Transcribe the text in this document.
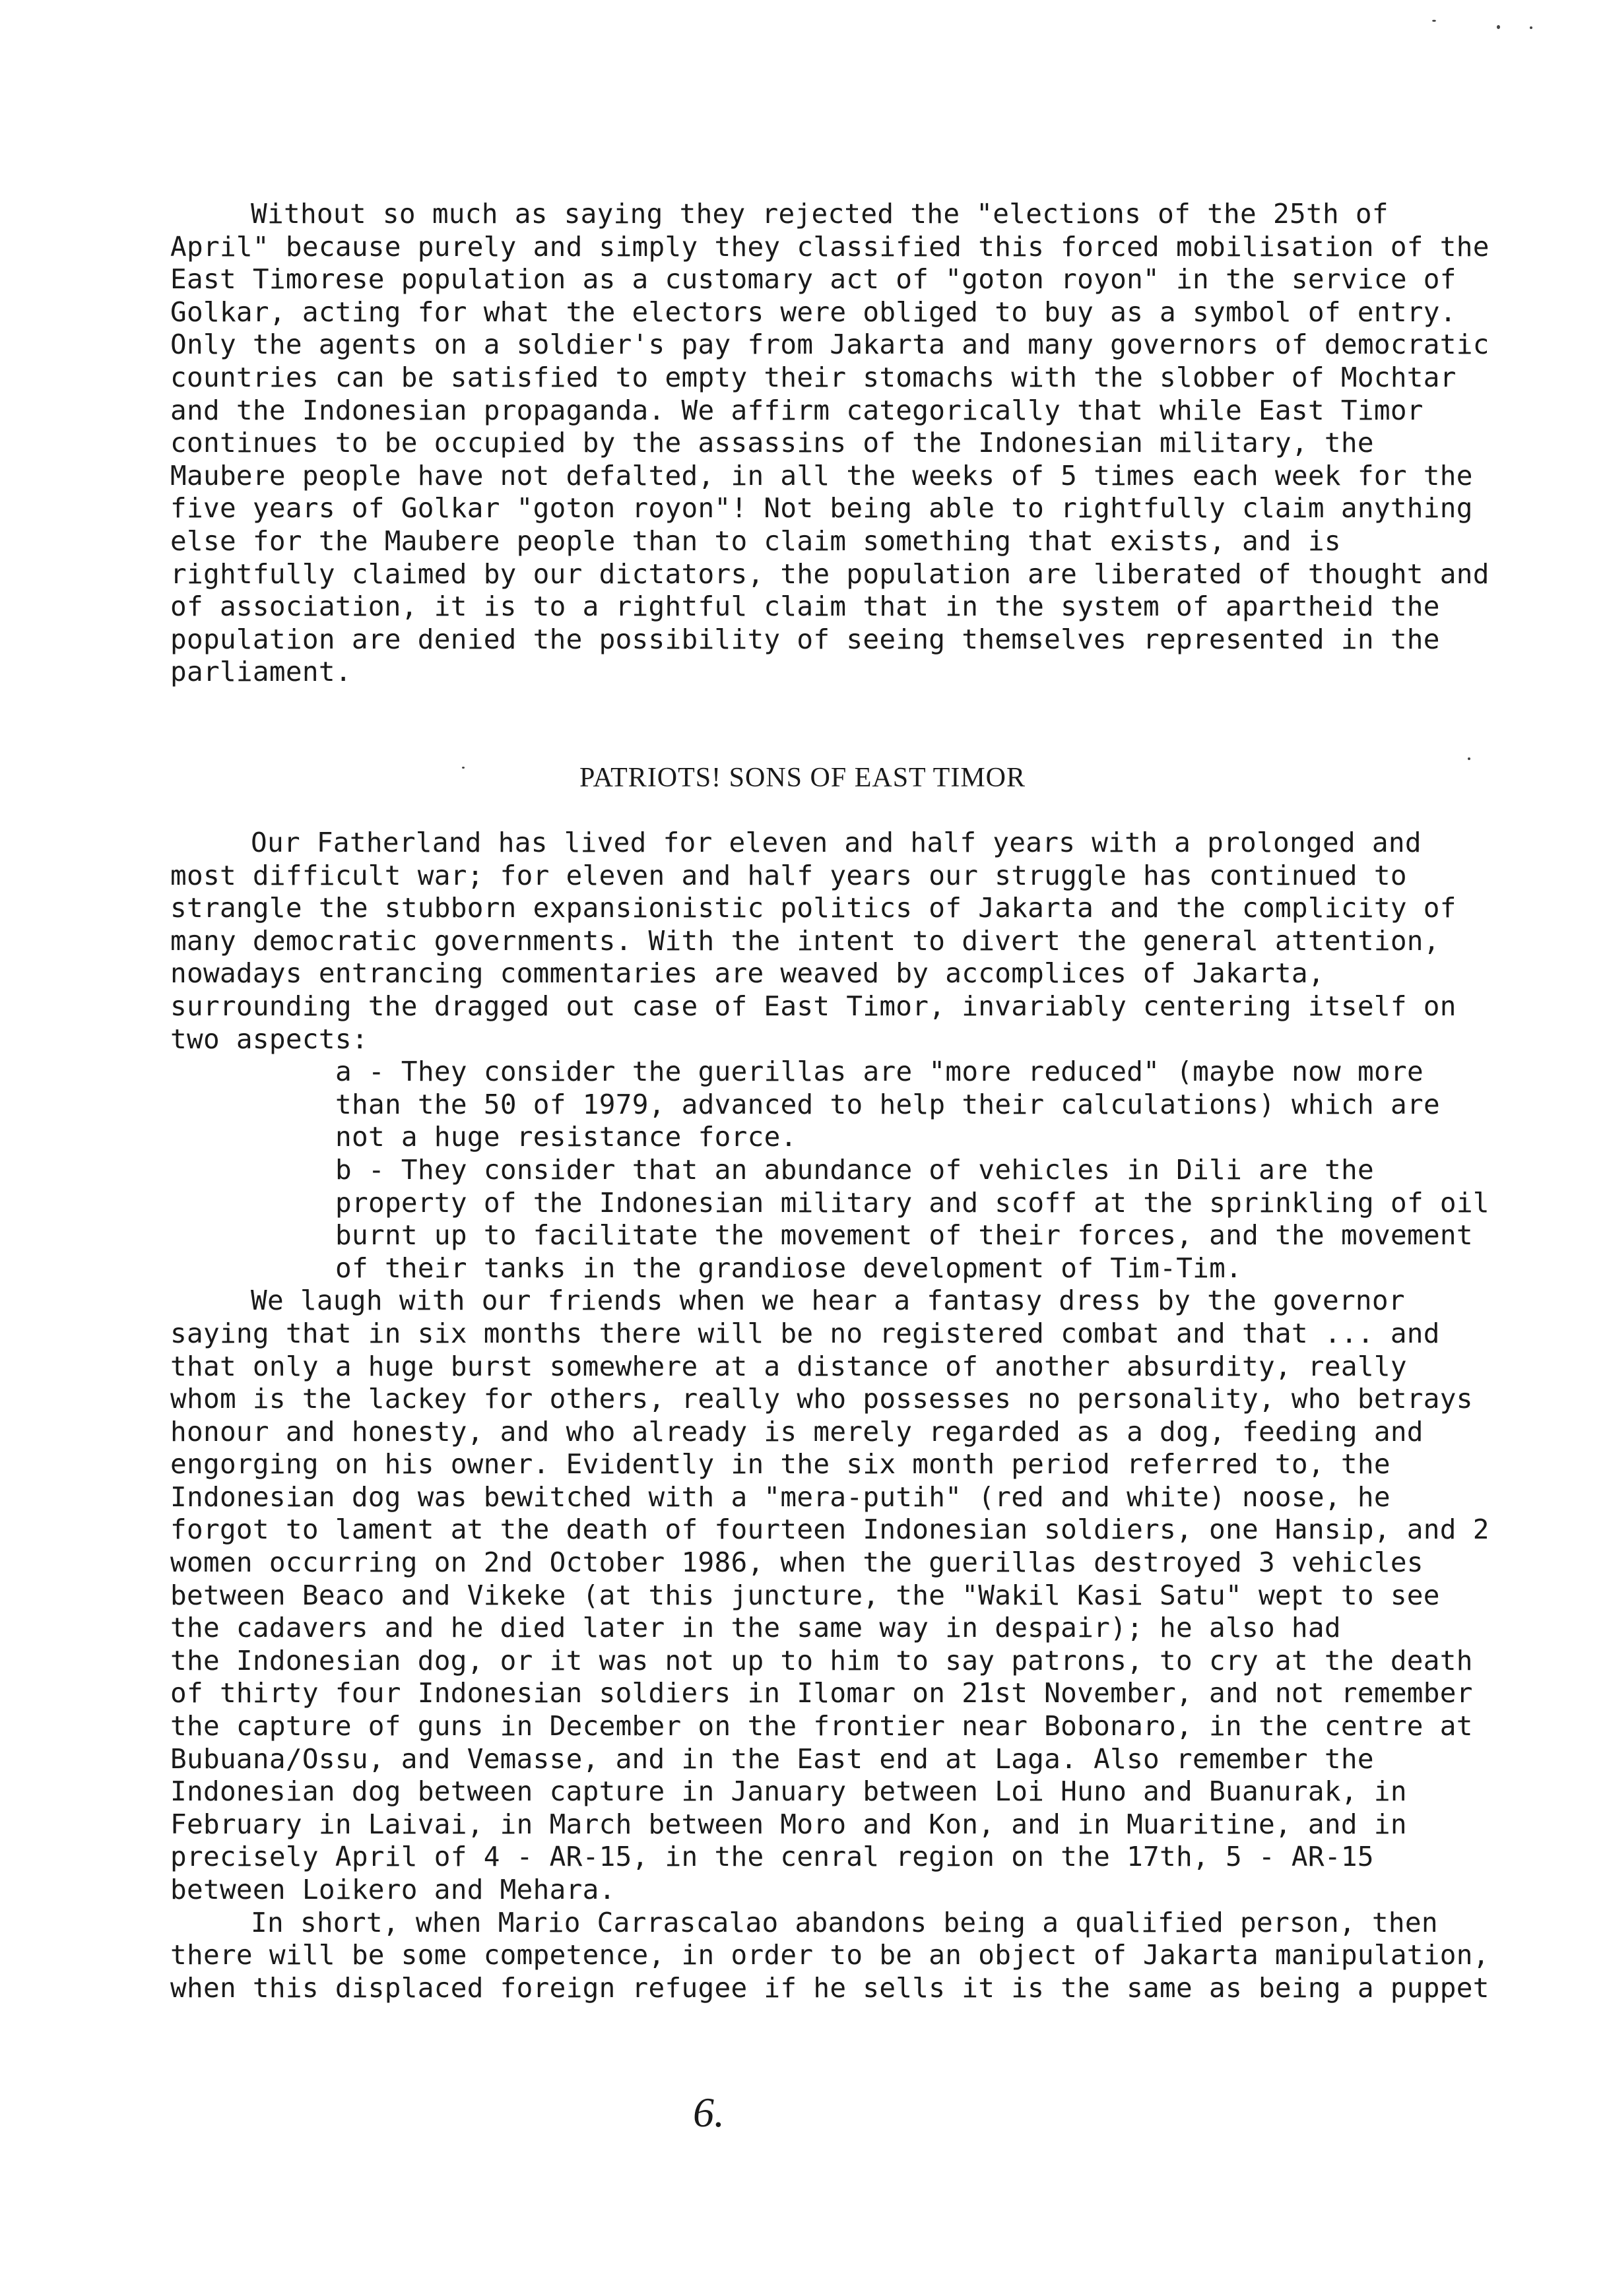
Without so much as saying they rejected the "elections of the 25th of
April" because purely and simply they classified this forced mobilisation of the
East Timorese population as a customary act of "goton royon" in the service of
Golkar, acting for what the electors were obliged to buy as a symbol of entry.
Only the agents on a soldier's pay from Jakarta and many governors of democratic
countries can be satisfied to empty their stomachs with the slobber of Mochtar
and the Indonesian propaganda. We affirm categorically that while East Timor
continues to be occupied by the assassins of the Indonesian military, the
Maubere people have not defalted, in all the weeks of 5 times each week for the
five years of Golkar "goton royon"! Not being able to rightfully claim anything
else for the Maubere people than to claim something that exists, and is
rightfully claimed by our dictators, the population are liberated of thought and
of association, it is to a rightful claim that in the system of apartheid the
population are denied the possibility of seeing themselves represented in the
parliament.
PATRIOTS! SONS OF EAST TIMOR
Our Fatherland has lived for eleven and half years with a prolonged and
most difficult war; for eleven and half years our struggle has continued to
strangle the stubborn expansionistic politics of Jakarta and the complicity of
many democratic governments. With the intent to divert the general attention,
nowadays entrancing commentaries are weaved by accomplices of Jakarta,
surrounding the dragged out case of East Timor, invariably centering itself on
two aspects:
a - They consider the guerillas are "more reduced" (maybe now more
than the 50 of 1979, advanced to help their calculations) which are
not a huge resistance force.
b - They consider that an abundance of vehicles in Dili are the
property of the Indonesian military and scoff at the sprinkling of oil
burnt up to facilitate the movement of their forces, and the movement
of their tanks in the grandiose development of Tim-Tim.
We laugh with our friends when we hear a fantasy dress by the governor
saying that in six months there will be no registered combat and that ... and
that only a huge burst somewhere at a distance of another absurdity, really
whom is the lackey for others, really who possesses no personality, who betrays
honour and honesty, and who already is merely regarded as a dog, feeding and
engorging on his owner. Evidently in the six month period referred to, the
Indonesian dog was bewitched with a "mera-putih" (red and white) noose, he
forgot to lament at the death of fourteen Indonesian soldiers, one Hansip, and 2
women occurring on 2nd October 1986, when the guerillas destroyed 3 vehicles
between Beaco and Vikeke (at this juncture, the "Wakil Kasi Satu" wept to see
the cadavers and he died later in the same way in despair); he also had
the Indonesian dog, or it was not up to him to say patrons, to cry at the death
of thirty four Indonesian soldiers in Ilomar on 21st November, and not remember
the capture of guns in December on the frontier near Bobonaro, in the centre at
Bubuana/Ossu, and Vemasse, and in the East end at Laga. Also remember the
Indonesian dog between capture in January between Loi Huno and Buanurak, in
February in Laivai, in March between Moro and Kon, and in Muaritine, and in
precisely April of 4 - AR-15, in the cenral region on the 17th, 5 - AR-15
between Loikero and Mehara.
In short, when Mario Carrascalao abandons being a qualified person, then
there will be some competence, in order to be an object of Jakarta manipulation,
when this displaced foreign refugee if he sells it is the same as being a puppet
6.
